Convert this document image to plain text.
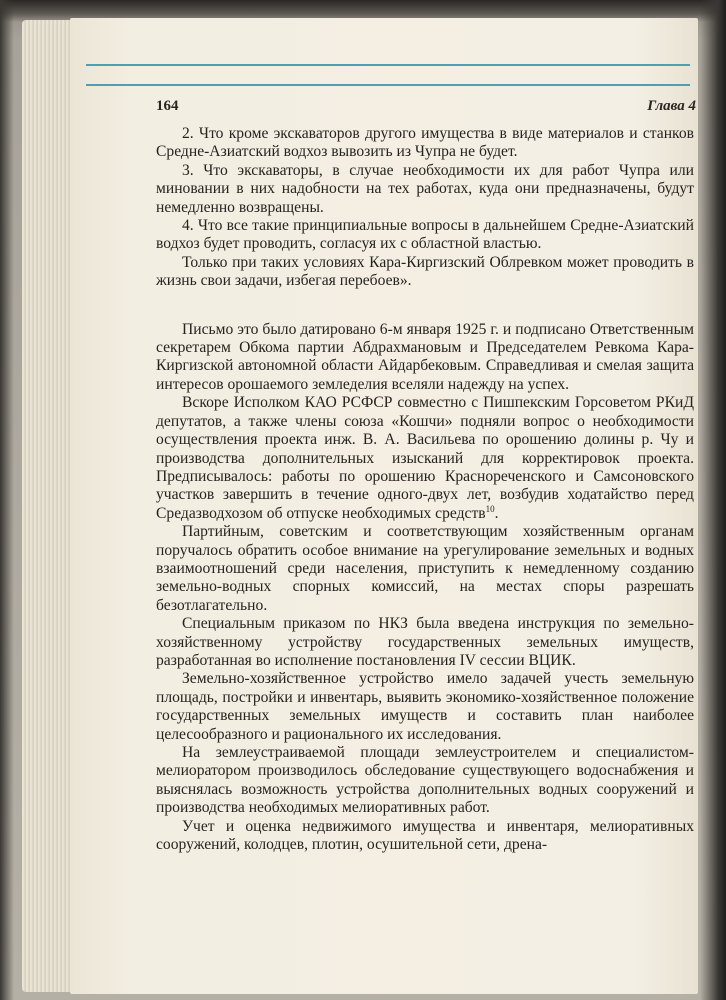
164	Глава 4

2. Что кроме экскаваторов другого имущества в виде материалов и станков Средне-Азиатский водхоз вывозить из Чупра не будет.

3. Что экскаваторы, в случае необходимости их для работ Чупра или миновании в них надобности на тех работах, куда они предназначены, будут немедленно возвращены.

4. Что все такие принципиальные вопросы в дальнейшем Средне-Азиатский водхоз будет проводить, согласуя их с областной властью.

Только при таких условиях Кара-Киргизский Облревком может проводить в жизнь свои задачи, избегая перебоев».

Письмо это было датировано 6-м января 1925 г. и подписано Ответственным секретарем Обкома партии Абдрахмановым и Председателем Ревкома Кара-Киргизской автономной области Айдарбековым. Справедливая и смелая защита интересов орошаемого земледелия вселяли надежду на успех.

Вскоре Исполком КАО РСФСР совместно с Пишпекским Горсоветом РКиД депутатов, а также члены союза «Кошчи» подняли вопрос о необходимости осуществления проекта инж. В. А. Васильева по орошению долины р. Чу и производства дополнительных изысканий для корректировок проекта. Предписывалось: работы по орошению Краснореченского и Самсоновского участков завершить в течение одного-двух лет, возбудив ходатайство перед Средазводхозом об отпуске необходимых средств$^{10}$.

Партийным, советским и соответствующим хозяйственным органам поручалось обратить особое внимание на урегулирование земельных и водных взаимоотношений среди населения, приступить к немедленному созданию земельно-водных спорных комиссий, на местах споры разрешать безотлагательно.

Специальным приказом по НКЗ была введена инструкция по земельно-хозяйственному устройству государственных земельных имуществ, разработанная во исполнение постановления IV сессии ВЦИК.

Земельно-хозяйственное устройство имело задачей учесть земельную площадь, постройки и инвентарь, выявить экономико-хозяйственное положение государственных земельных имуществ и составить план наиболее целесообразного и рационального их исследования.

На землеустраиваемой площади землеустроителем и специалистом-мелиоратором производилось обследование существующего водоснабжения и выяснялась возможность устройства дополнительных водных сооружений и производства необходимых мелиоративных работ.

Учет и оценка недвижимого имущества и инвентаря, мелиоративных сооружений, колодцев, плотин, осушительной сети, дрена-
